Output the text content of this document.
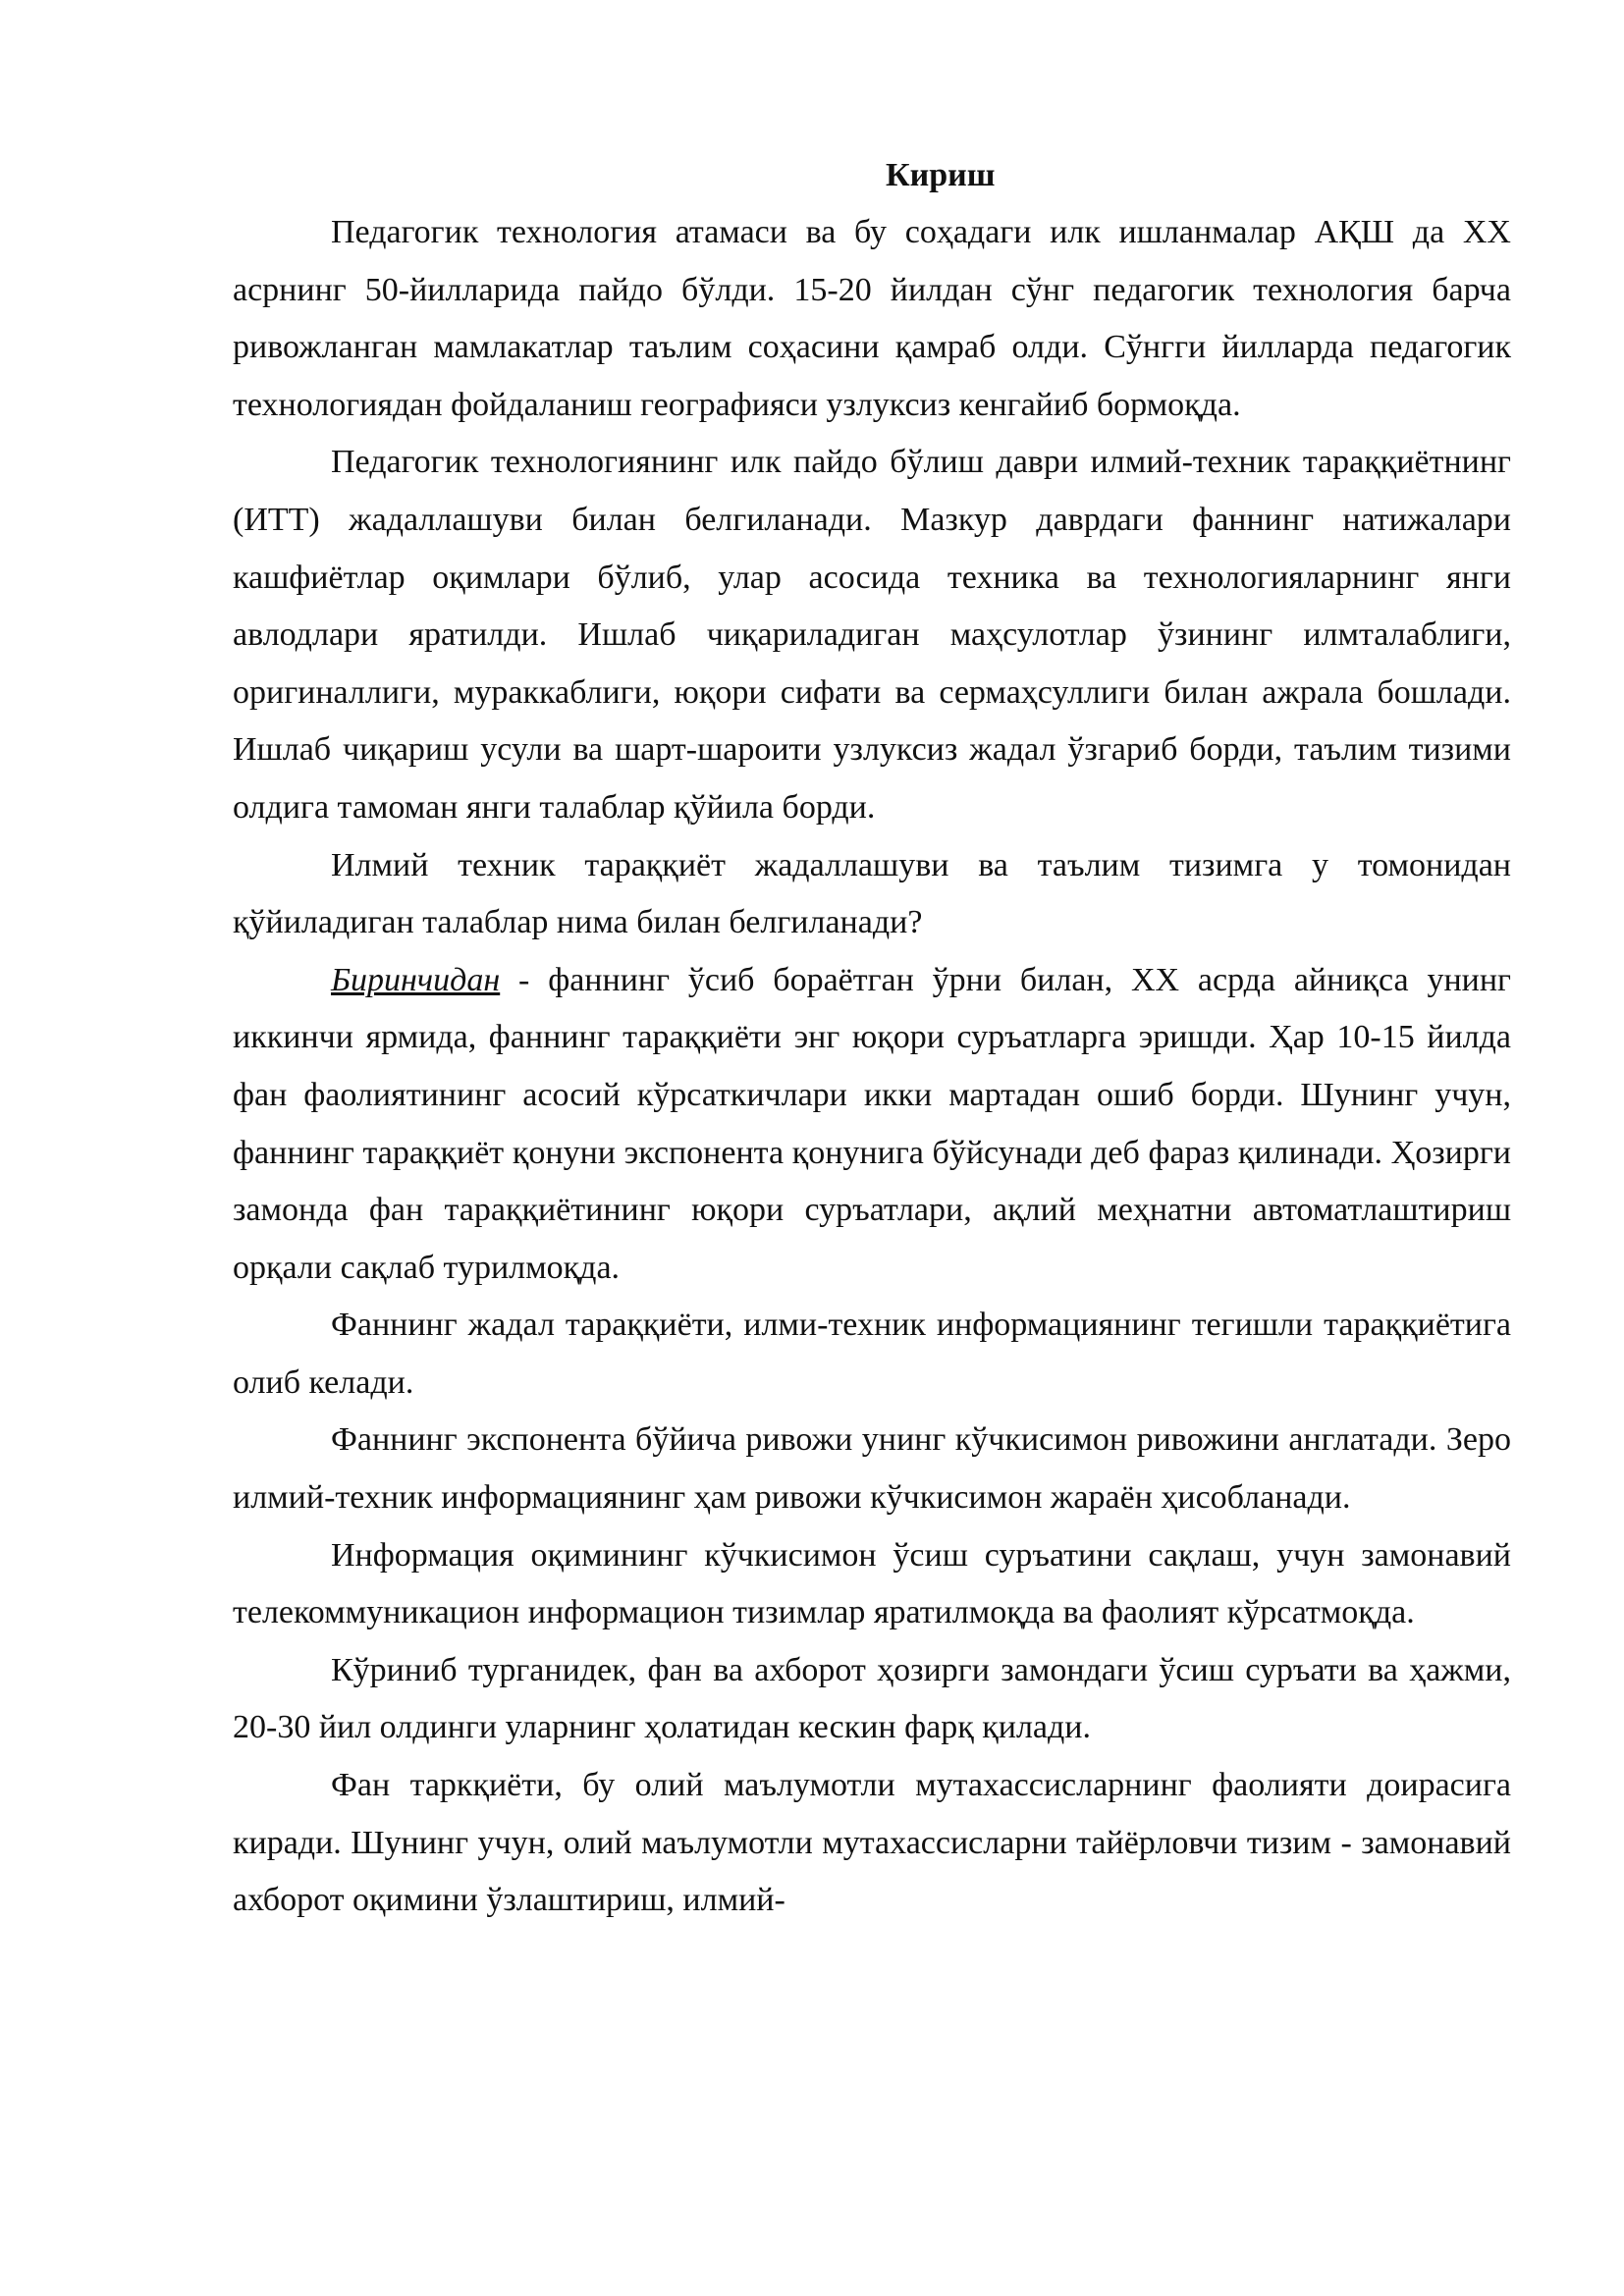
Кириш

Педагогик технология атамаси ва бу соҳадаги илк ишланмалар АҚШ да XX асрнинг 50-йилларида пайдо бўлди. 15-20 йилдан сўнг педагогик технология барча ривожланган мамлакатлар таълим соҳасини қамраб олди. Сўнгги йилларда педагогик технологиядан фойдаланиш географияси узлуксиз кенгайиб бормоқда.

Педагогик технологиянинг илк пайдо бўлиш даври илмий-техник тараққиётнинг (ИТТ) жадаллашуви билан белгиланади. Мазкур даврдаги фаннинг натижалари кашфиётлар оқимлари бўлиб, улар асосида техника ва технологияларнинг янги авлодлари яратилди. Ишлаб чиқариладиган маҳсулотлар ўзининг илмталаблиги, оригиналлиги, мураккаблиги, юқори сифати ва сермаҳсуллиги билан ажрала бошлади. Ишлаб чиқариш усули ва шарт-шароити узлуксиз жадал ўзгариб борди, таълим тизими олдига тамоман янги талаблар қўйила борди.

Илмий техник тараққиёт жадаллашуви ва таълим тизимга у томонидан қўйиладиган талаблар нима билан белгиланади?

Биринчидан - фаннинг ўсиб бораётган ўрни билан, XX асрда айниқса унинг иккинчи ярмида, фаннинг тараққиёти энг юқори суръатларга эришди. Ҳар 10-15 йилда фан фаолиятининг асосий кўрсаткичлари икки мартадан ошиб борди. Шунинг учун, фаннинг тараққиёт қонуни экспонента қонунига бўйсунади деб фараз қилинади. Ҳозирги замонда фан тараққиётининг юқори суръатлари, ақлий меҳнатни автоматлаштириш орқали сақлаб турилмоқда.

Фаннинг жадал тараққиёти, илми-техник информациянинг тегишли тараққиётига олиб келади.

Фаннинг экспонента бўйича ривожи унинг кўчкисимон ривожини англатади. Зеро илмий-техник информациянинг ҳам ривожи кўчкисимон жараён ҳисобланади.

Информация оқимининг кўчкисимон ўсиш суръатини сақлаш, учун замонавий телекоммуникацион информацион тизимлар яратилмоқда ва фаолият кўрсатмоқда.

Кўриниб турганидек, фан ва ахборот ҳозирги замондаги ўсиш суръати ва ҳажми, 20-30 йил олдинги уларнинг ҳолатидан кескин фарқ қилади.

Фан таркқиёти, бу олий маълумотли мутахассисларнинг фаолияти доирасига киради. Шунинг учун, олий маълумотли мутахассисларни тайёрловчи тизим - замонавий ахборот оқимини ўзлаштириш, илмий-
